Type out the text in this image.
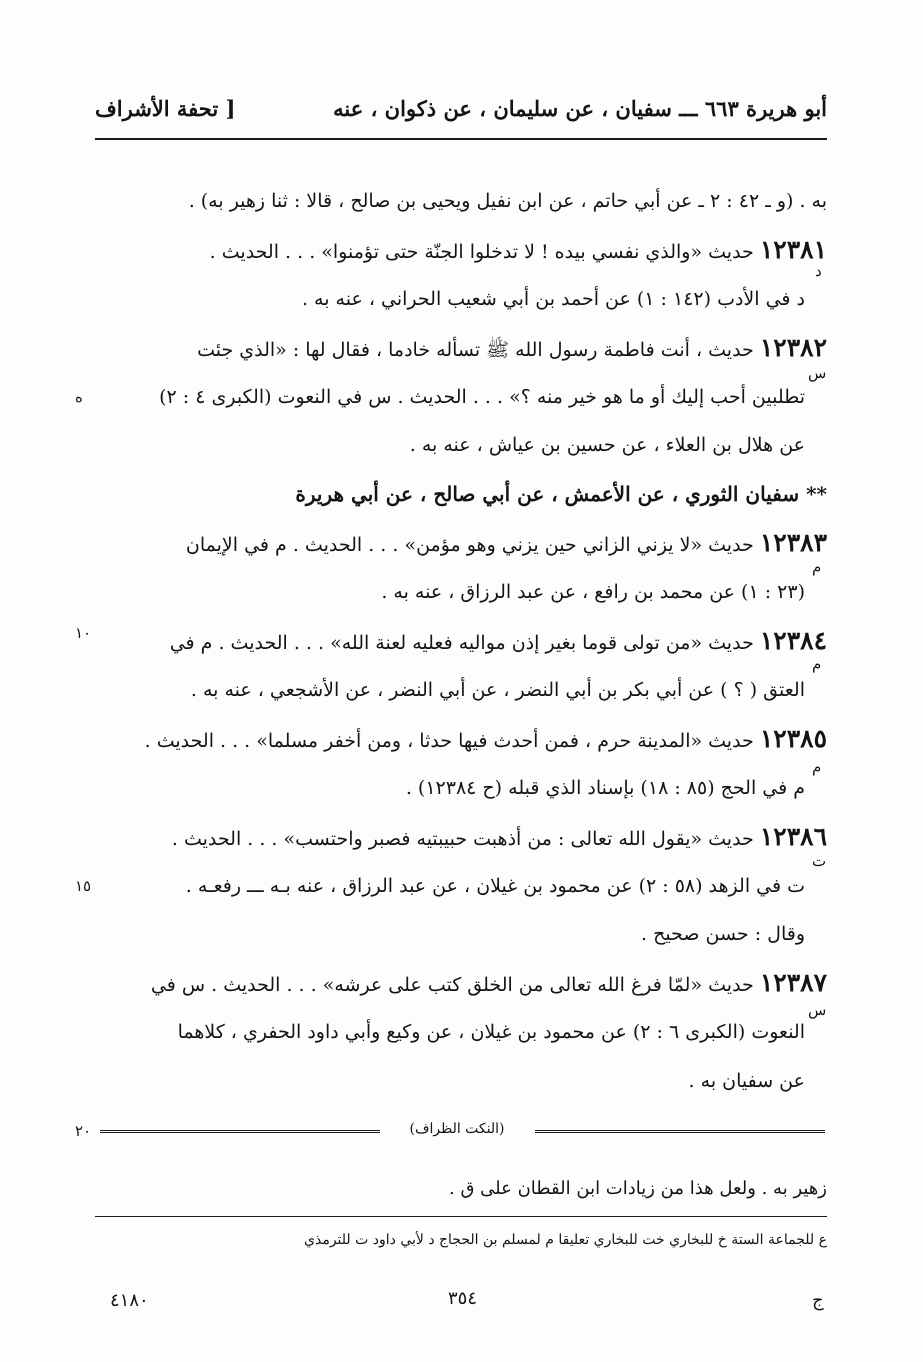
أبو هريرة ٦٦٣ ـــ سفيان ، عن سليمان ، عن ذكوان ، عنه
[ تحفة الأشراف
به . (و ـ ٤٢ : ٢ ـ عن أبي حاتم ، عن ابن نفيل ويحيى بن صالح ، قالا : ثنا زهير به) .
١٢٣٨١ حديث «والذي نفسي بيده ! لا تدخلوا الجنّة حتى تؤمنوا» . . . الحديث .
د في الأدب (١٤٢ : ١) عن أحمد بن أبي شعيب الحراني ، عنه به .
١٢٣٨٢ حديث ، أنت فاطمة رسول الله ﷺ تسأله خادما ، فقال لها : «الذي جئت
تطلبين أحب إليك أو ما هو خير منه ؟» . . . الحديث . س في النعوت (الكبرى ٤ : ٢)
عن هلال بن العلاء ، عن حسين بن عياش ، عنه به .
** سفيان الثوري ، عن الأعمش ، عن أبي صالح ، عن أبي هريرة
١٢٣٨٣ حديث «لا يزني الزاني حين يزني وهو مؤمن» . . . الحديث . م في الإيمان
(٢٣ : ١) عن محمد بن رافع ، عن عبد الرزاق ، عنه به .
١٢٣٨٤ حديث «من تولى قوما بغير إذن مواليه فعليه لعنة الله» . . . الحديث . م في
العتق ( ؟ ) عن أبي بكر بن أبي النضر ، عن أبي النضر ، عن الأشجعي ، عنه به .
١٢٣٨٥ حديث «المدينة حرم ، فمن أحدث فيها حدثا ، ومن أخفر مسلما» . . . الحديث .
م في الحج (٨٥ : ١٨) بإسناد الذي قبله (ح ١٢٣٨٤) .
١٢٣٨٦ حديث «يقول الله تعالى : من أذهبت حبيبتيه فصبر واحتسب» . . . الحديث .
ت في الزهد (٥٨ : ٢) عن محمود بن غيلان ، عن عبد الرزاق ، عنه بـه ـــ رفعـه .
وقال : حسن صحيح .
١٢٣٨٧ حديث «لمّا فرغ الله تعالى من الخلق كتب على عرشه» . . . الحديث . س في
النعوت (الكبرى ٦ : ٢) عن محمود بن غيلان ، عن وكيع وأبي داود الحفري ، كلاهما
عن سفيان به .
د
س
ه
م
م
١٠
م
ت
١٥
س
٢٠	(النكت الظراف)
زهير به . ولعل هذا من زيادات ابن القطان على ق .
ع للجماعة الستة خ للبخاري خت للبخاري تعليقا م لمسلم بن الحجاج د لأبي داود ت للترمذي
٤١٨٠	٣٥٤	ج
